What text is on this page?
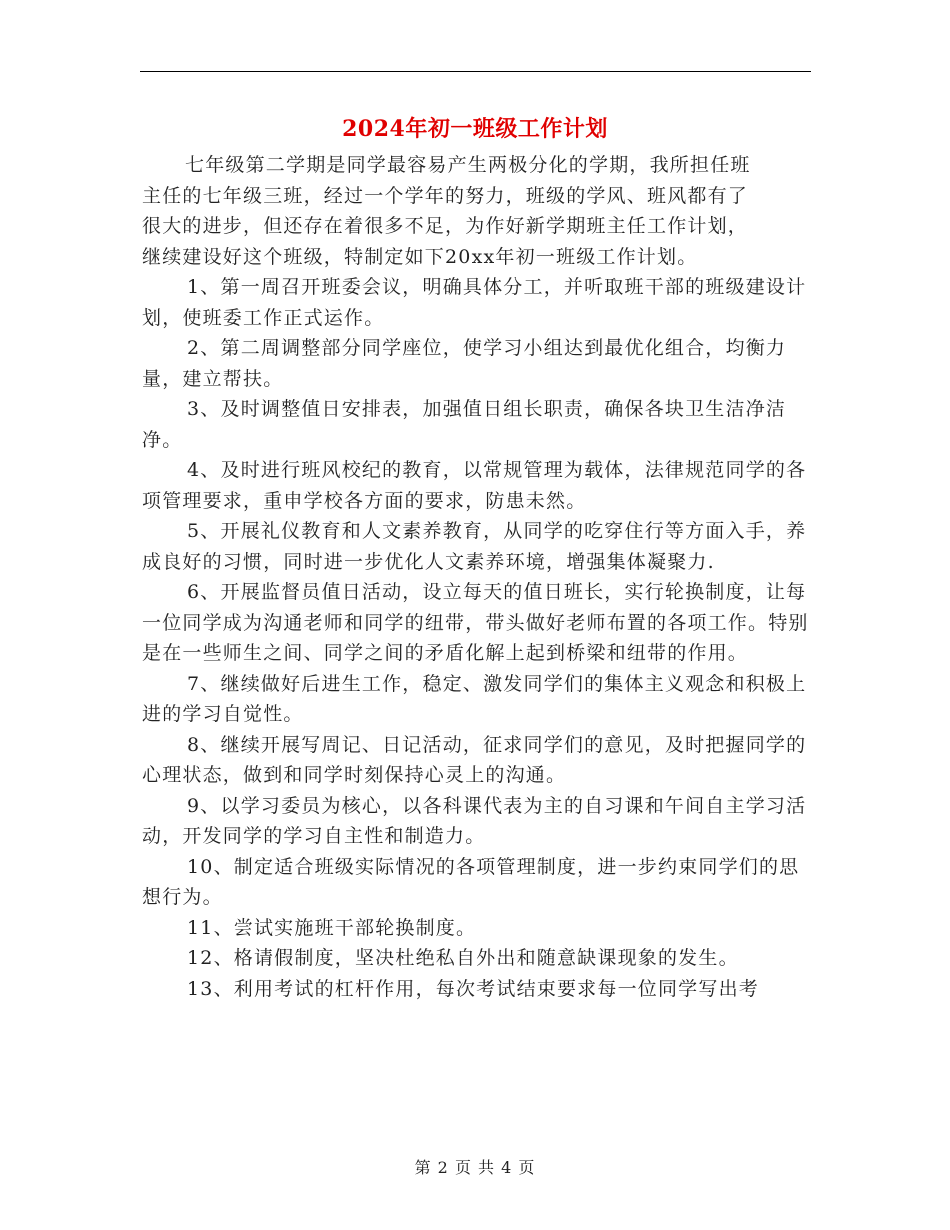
2024年初一班级工作计划

七年级第二学期是同学最容易产生两极分化的学期，我所担任班

主任的七年级三班，经过一个学年的努力，班级的学风、班风都有了

很大的进步，但还存在着很多不足，为作好新学期班主任工作计划，

继续建设好这个班级，特制定如下20xx年初一班级工作计划。

1、第一周召开班委会议，明确具体分工，并听取班干部的班级建设计划，使班委工作正式运作。

2、第二周调整部分同学座位，使学习小组达到最优化组合，均衡力量，建立帮扶。

3、及时调整值日安排表，加强值日组长职责，确保各块卫生洁净洁净。

4、及时进行班风校纪的教育，以常规管理为载体，法律规范同学的各项管理要求，重申学校各方面的要求，防患未然。

5、开展礼仪教育和人文素养教育，从同学的吃穿住行等方面入手，养成良好的习惯，同时进一步优化人文素养环境，增强集体凝聚力.

6、开展监督员值日活动，设立每天的值日班长，实行轮换制度，让每一位同学成为沟通老师和同学的纽带，带头做好老师布置的各项工作。特别是在一些师生之间、同学之间的矛盾化解上起到桥梁和纽带的作用。

7、继续做好后进生工作，稳定、激发同学们的集体主义观念和积极上进的学习自觉性。

8、继续开展写周记、日记活动，征求同学们的意见，及时把握同学的心理状态，做到和同学时刻保持心灵上的沟通。

9、以学习委员为核心，以各科课代表为主的自习课和午间自主学习活动，开发同学的学习自主性和制造力。

10、制定适合班级实际情况的各项管理制度，进一步约束同学们的思想行为。

11、尝试实施班干部轮换制度。

12、格请假制度，坚决杜绝私自外出和随意缺课现象的发生。

13、利用考试的杠杆作用，每次考试结束要求每一位同学写出考

第 2 页 共 4 页
